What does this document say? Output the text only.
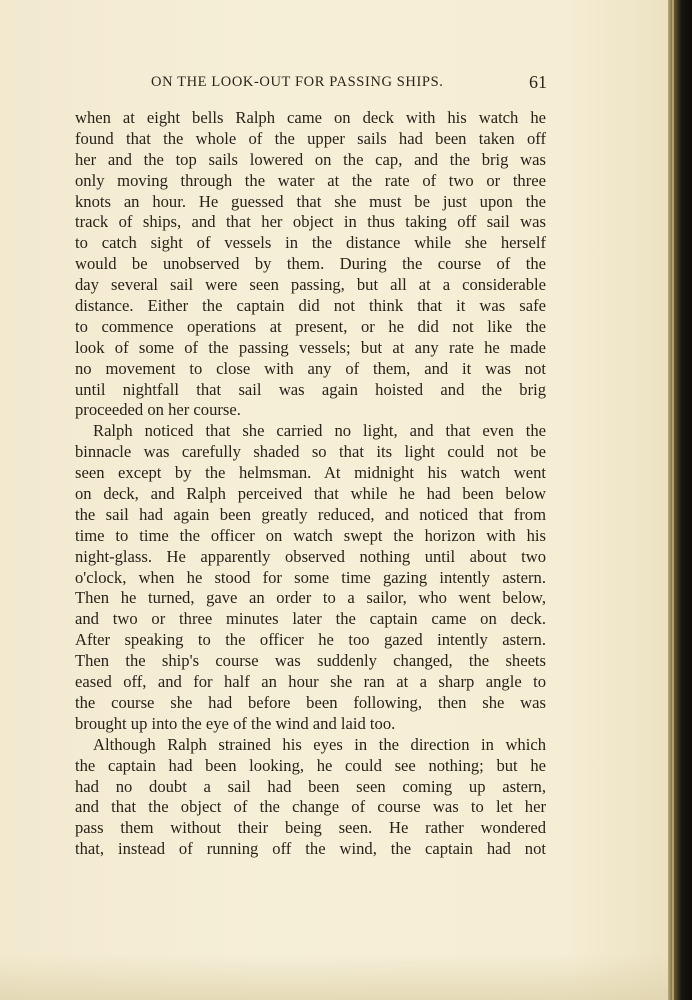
ON THE LOOK-OUT FOR PASSING SHIPS.	61
when at eight bells Ralph came on deck with his watch he
found that the whole of the upper sails had been taken off
her and the top sails lowered on the cap, and the brig was
only moving through the water at the rate of two or three
knots an hour. He guessed that she must be just upon the
track of ships, and that her object in thus taking off sail was
to catch sight of vessels in the distance while she herself
would be unobserved by them. During the course of the
day several sail were seen passing, but all at a considerable
distance. Either the captain did not think that it was safe
to commence operations at present, or he did not like the
look of some of the passing vessels; but at any rate he made
no movement to close with any of them, and it was not
until nightfall that sail was again hoisted and the brig
proceeded on her course.
Ralph noticed that she carried no light, and that even the
binnacle was carefully shaded so that its light could not be
seen except by the helmsman. At midnight his watch went
on deck, and Ralph perceived that while he had been below
the sail had again been greatly reduced, and noticed that from
time to time the officer on watch swept the horizon with his
night-glass. He apparently observed nothing until about two
o'clock, when he stood for some time gazing intently astern.
Then he turned, gave an order to a sailor, who went below,
and two or three minutes later the captain came on deck.
After speaking to the officer he too gazed intently astern.
Then the ship's course was suddenly changed, the sheets
eased off, and for half an hour she ran at a sharp angle to
the course she had before been following, then she was
brought up into the eye of the wind and laid too.
Although Ralph strained his eyes in the direction in which
the captain had been looking, he could see nothing; but he
had no doubt a sail had been seen coming up astern,
and that the object of the change of course was to let her
pass them without their being seen. He rather wondered
that, instead of running off the wind, the captain had not
